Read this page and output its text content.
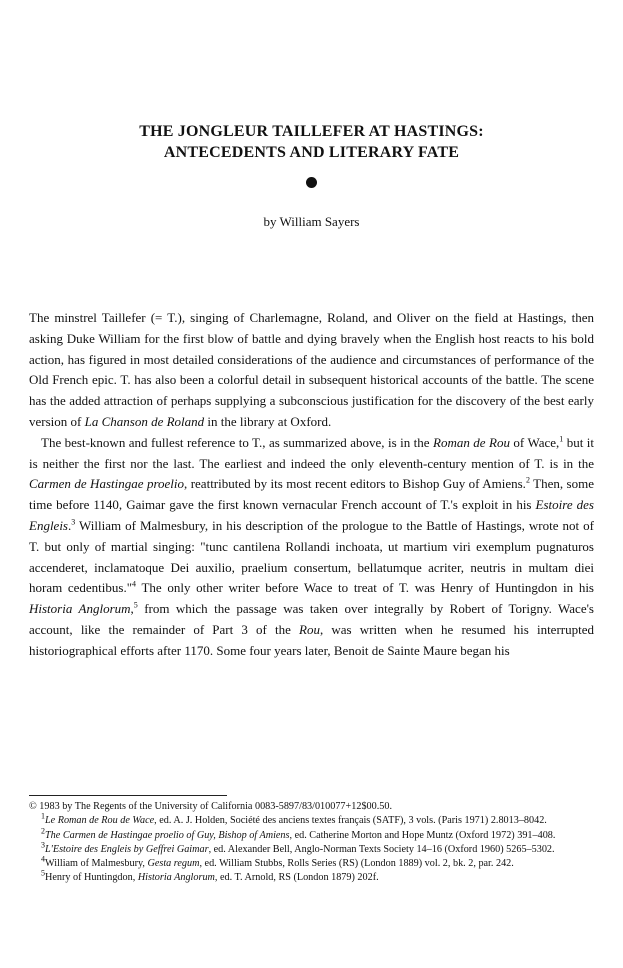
THE JONGLEUR TAILLEFER AT HASTINGS:
ANTECEDENTS AND LITERARY FATE
by William Sayers

The minstrel Taillefer (= T.), singing of Charlemagne, Roland, and Oliver on the field at Hastings, then asking Duke William for the first blow of battle and dying bravely when the English host reacts to his bold action, has figured in most detailed considerations of the audience and circumstances of performance of the Old French epic. T. has also been a colorful detail in subsequent historical accounts of the battle. The scene has the added attraction of perhaps supplying a subconscious justification for the discovery of the best early version of La Chanson de Roland in the library at Oxford.

The best-known and fullest reference to T., as summarized above, is in the Roman de Rou of Wace,$^1$ but it is neither the first nor the last. The earliest and indeed the only eleventh-century mention of T. is in the Carmen de Hastingae proelio, reattributed by its most recent editors to Bishop Guy of Amiens.$^2$ Then, some time before 1140, Gaimar gave the first known vernacular French account of T.'s exploit in his Estoire des Engleis.$^3$ William of Malmesbury, in his description of the prologue to the Battle of Hastings, wrote not of T. but only of martial singing: "tunc cantilena Rollandi inchoata, ut martium viri exemplum pugnaturos accenderet, inclamatoque Dei auxilio, praelium consertum, bellatumque acriter, neutris in multam diei horam cedentibus."$^4$ The only other writer before Wace to treat of T. was Henry of Huntingdon in his Historia Anglorum,$^5$ from which the passage was taken over integrally by Robert of Torigny. Wace's account, like the remainder of Part 3 of the Rou, was written when he resumed his interrupted historiographical efforts after 1170. Some four years later, Benoit de Sainte Maure began his

© 1983 by The Regents of the University of California 0083-5897/83/010077+12$00.50.

$^1$Le Roman de Rou de Wace, ed. A. J. Holden, Société des anciens textes français (SATF), 3 vols. (Paris 1971) 2.8013–8042.

$^2$The Carmen de Hastingae proelio of Guy, Bishop of Amiens, ed. Catherine Morton and Hope Muntz (Oxford 1972) 391–408.

$^3$L'Estoire des Engleis by Geffrei Gaimar, ed. Alexander Bell, Anglo-Norman Texts Society 14–16 (Oxford 1960) 5265–5302.

$^4$William of Malmesbury, Gesta regum, ed. William Stubbs, Rolls Series (RS) (London 1889) vol. 2, bk. 2, par. 242.

$^5$Henry of Huntingdon, Historia Anglorum, ed. T. Arnold, RS (London 1879) 202f.
